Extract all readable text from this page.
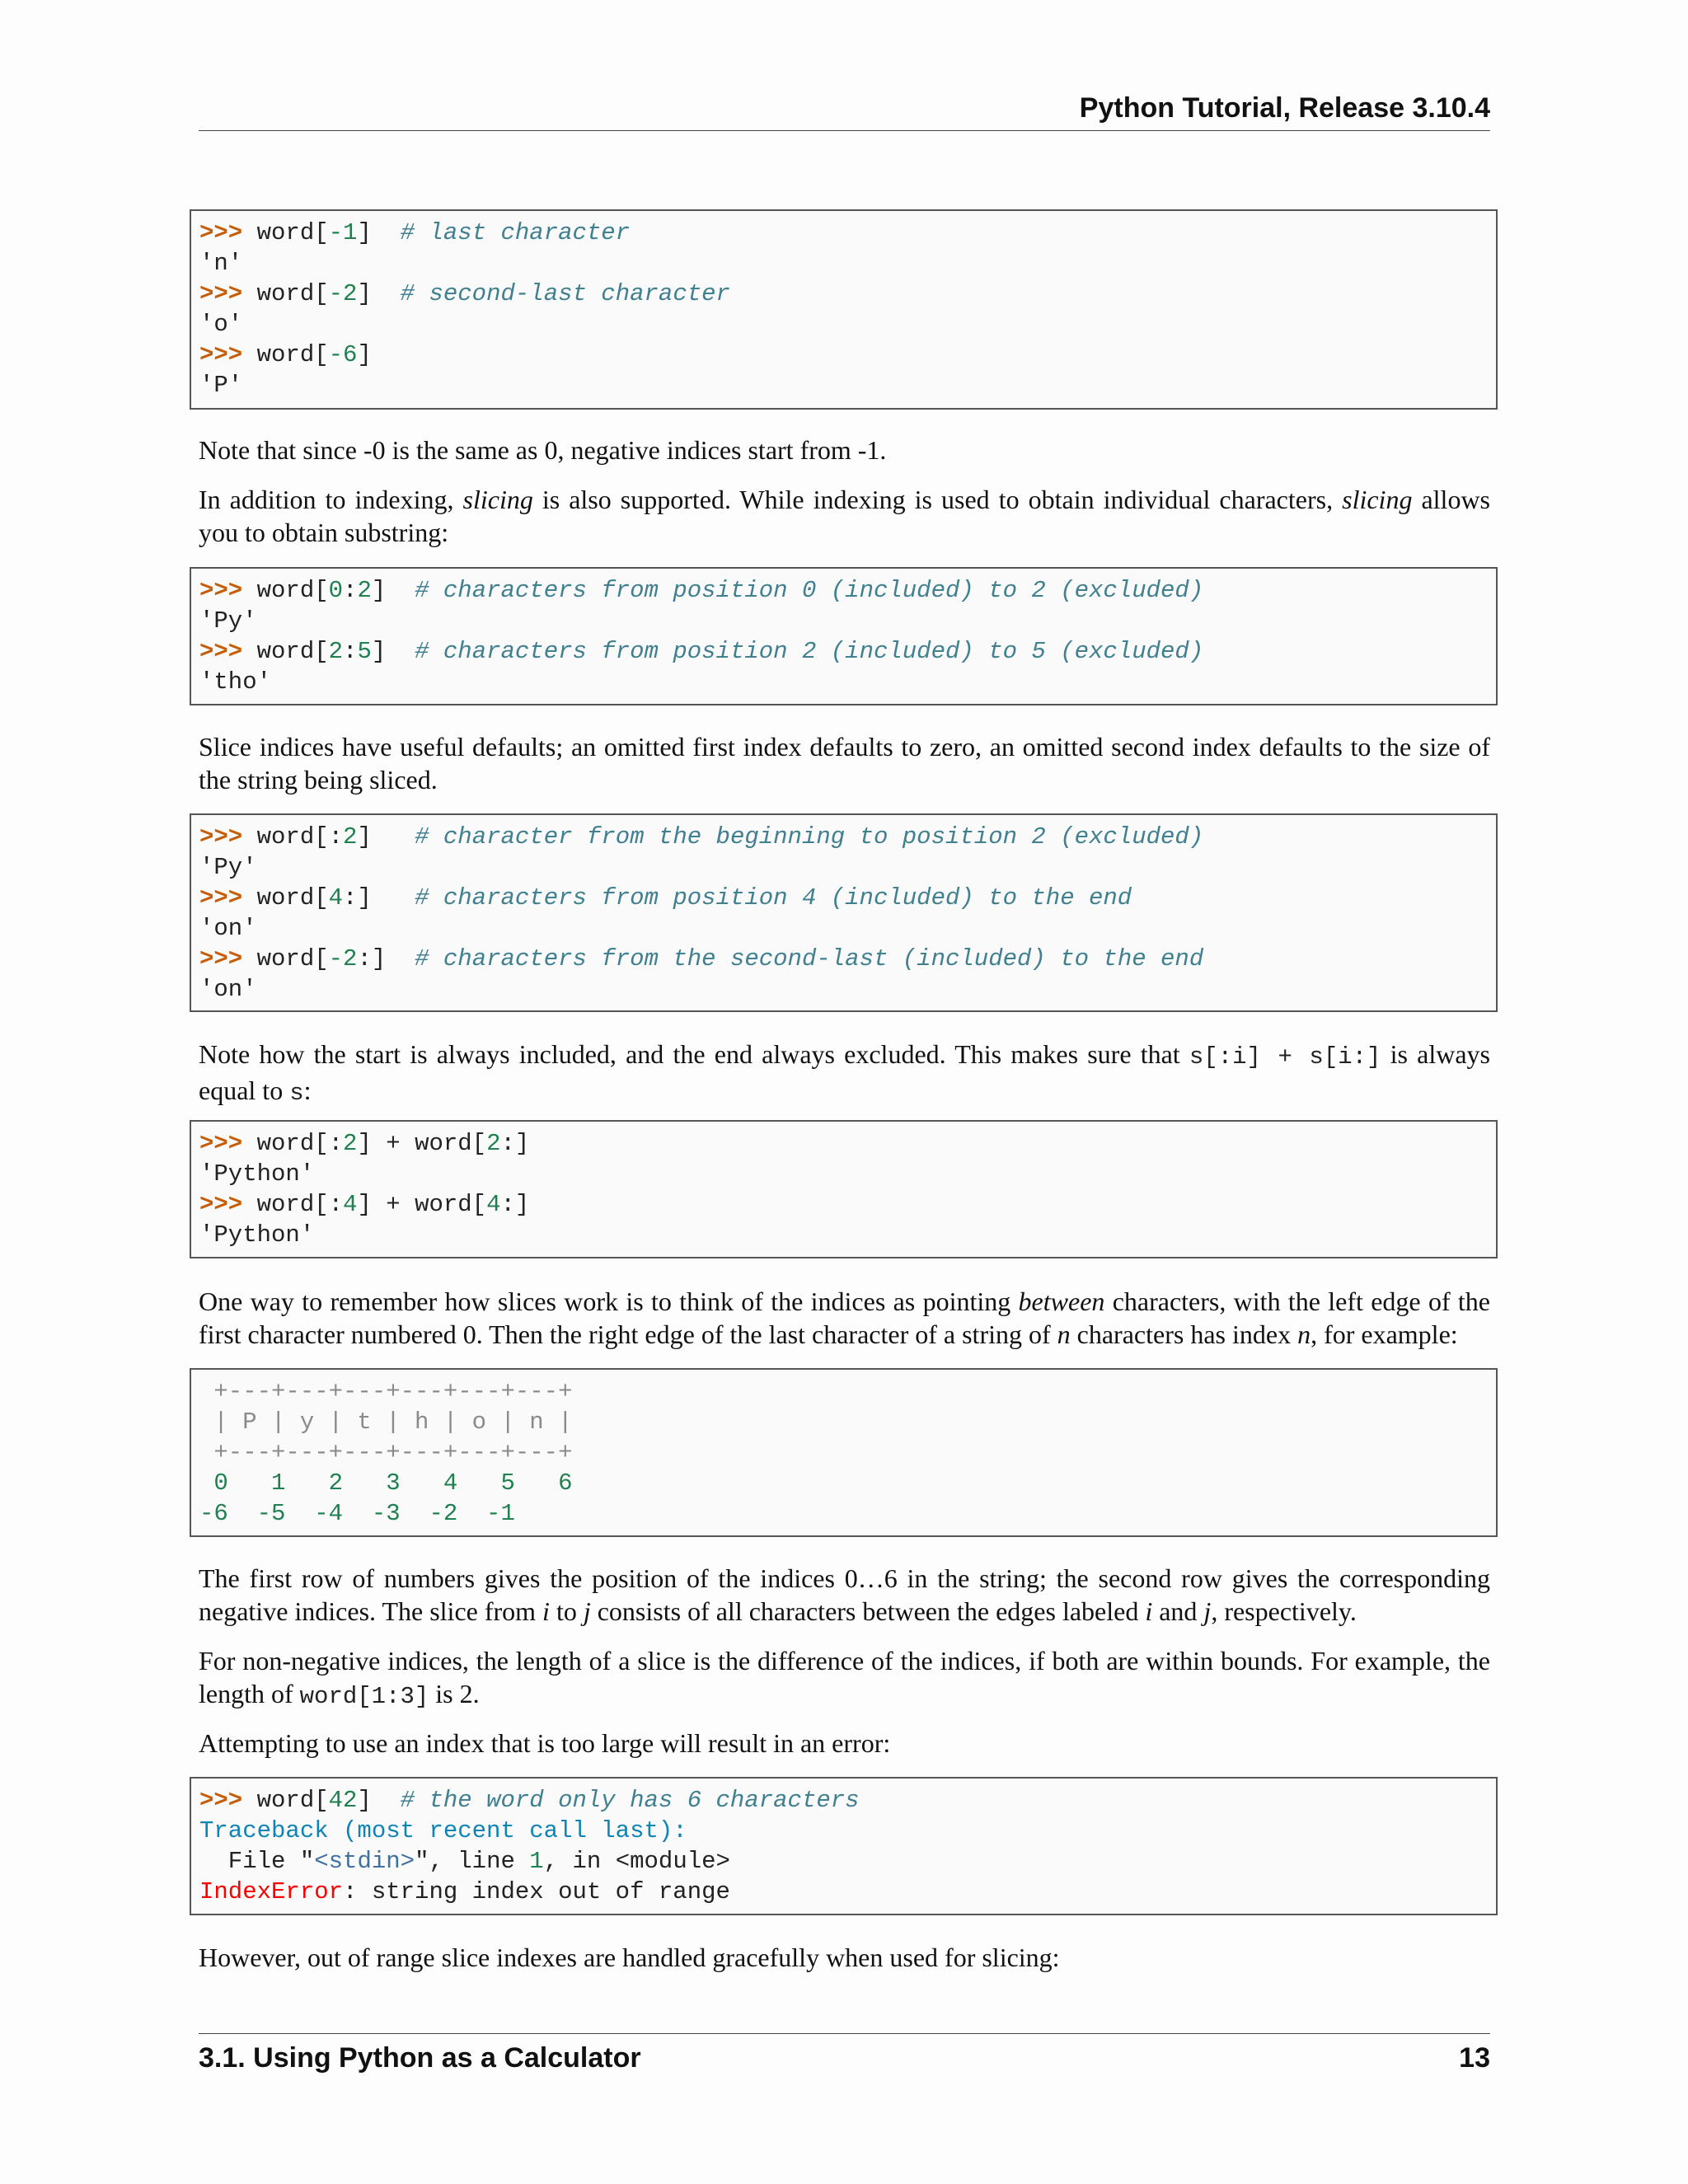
Python Tutorial, Release 3.10.4
>>> word[-1]  # last character
'n'
>>> word[-2]  # second-last character
'o'
>>> word[-6]
'P'

Note that since -0 is the same as 0, negative indices start from -1.

In addition to indexing, slicing is also supported. While indexing is used to obtain individual characters, slicing allows you to obtain substring:

>>> word[0:2]  # characters from position 0 (included) to 2 (excluded)
'Py'
>>> word[2:5]  # characters from position 2 (included) to 5 (excluded)
'tho'

Slice indices have useful defaults; an omitted first index defaults to zero, an omitted second index defaults to the size of the string being sliced.

>>> word[:2]   # character from the beginning to position 2 (excluded)
'Py'
>>> word[4:]   # characters from position 4 (included) to the end
'on'
>>> word[-2:]  # characters from the second-last (included) to the end
'on'

Note how the start is always included, and the end always excluded. This makes sure that s[:i] + s[i:] is always equal to s:

>>> word[:2] + word[2:]
'Python'
>>> word[:4] + word[4:]
'Python'

One way to remember how slices work is to think of the indices as pointing between characters, with the left edge of the first character numbered 0. Then the right edge of the last character of a string of n characters has index n, for example:

+---+---+---+---+---+---+
| P | y | t | h | o | n |
+---+---+---+---+---+---+
0   1   2   3   4   5   6
-6  -5  -4  -3  -2  -1

The first row of numbers gives the position of the indices 0…6 in the string; the second row gives the corresponding negative indices. The slice from i to j consists of all characters between the edges labeled i and j, respectively.

For non-negative indices, the length of a slice is the difference of the indices, if both are within bounds. For example, the length of word[1:3] is 2.

Attempting to use an index that is too large will result in an error:

>>> word[42]  # the word only has 6 characters
Traceback (most recent call last):
File "<stdin>", line 1, in <module>
IndexError: string index out of range

However, out of range slice indexes are handled gracefully when used for slicing:

3.1. Using Python as a Calculator	13
